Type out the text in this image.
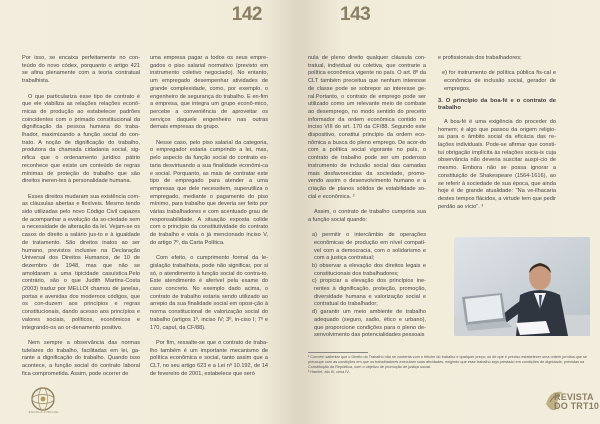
142

Por isso, se encaixa perfeitamente no con-teúdo do novo códex, porquanto o artigo 421 se afina plenamente com a teoria contratual trabalhista.

O que particulariza esse tipo de contrato é que ele viabiliza as relações relações econô-micas de produção ao estabelecer padrões coincidentes com o primado constitucional da dignificação da pessoa humana do traba-lhador, maximizando a função social do con-trato. A noção de dignificação do trabalho, produtora da chamada cidadania social, sig-nifica que o ordenamento jurídico pátrio reconhece que existe um conteúdo de regras mínimas de proteção do trabalho que são direitos ineren-tes à personalidade humana.

Esses direitos mudaram sua existência com-as cláusulas abertas e flexíveis. Mesmo tendo sido utilizadas pelo novo Código Civil capazes de acompanhar a evolução da so-ciedade sem a necessidade de alteração da lei. Vejam-se os casos do direito a salário jus-to e à igualdade de tratamento. São direitos inatos ao ser humano, previstos inclusive na Declaração Universal dos Direitos Humanos, de 10 de dezembro de 1948, mas que não se amoldaram a uma tipicidade casuística.Pelo contrário, são o que Judith Martins-Costa (2003) traduz por MELLOI chamou de janelas, portas e avenidas dos modernos códigos, que os con-duzem aos princípios e regras constitucionais, dando acesso aos princípios e valores sociais, políticos, econômicos e integrando-os ao or-denamento positivo.

Nem sempre a observância das normas tutelares do trabalho, facilitadas em lei, ga-rante a dignificação do trabalho. Quando isso acontece, a função social do contrato laboral fica comprometida. Assim, pode ocorrer de

uma empresa pagar a todos os seus empre-gados o piso salarial normativo (previsto em instrumento coletivo negociado). No entanto, um empregado desempenhar atividades de grande complexidade, como, por exemplo, o engenheiro de segurança do trabalho. E en-fim a empresa, que integra um grupo econô-mico, percebe a conveniência de aproveitar os serviços daquele engenheiro nas outras demais empresas do grupo.

Nesse caso, pelo piso salarial da categoria, o empregador estaria cumprindo a lei, mas, pelo aspecto da função social do contrato es-taria desvirtuando a sua finalidade econômi-ca e social. Porquanto, as mais de contratar este tipo de empregado para atender a uma empresas que dele necessitem, superutiliza o empregado, mediante o pagamento do piso mínimo, para trabalho que deveria ser feito por várias trabalhadores e com acentuado grau de responsabilidade. A situação exposta colide com o princípio da constitutividade do contrato de trabalho e viola o já mencionado inciso V, do artigo 7º, da Carta Política.

Com efeito, o cumprimento formal da le-gislação trabalhista, pode não significar, por si só, o atendimento à função social do contra-to. Este atendimento é aferível pela exame do caso concreto. No exemplo dado acima, o contrato de trabalho estaria sendo utilizado ao arrepio da sua finalidade social em oposi-ção à norma constitucional de valorização social do trabalho (artigos 1º, inciso IV; 3º, in-ciso I; 7º e 170, caput, da CF/88).

Por fim, ressalte-se que o contrato de traba-lho também é um importante mecanismo de política econômica e social, tanto assim que a CLT, no seu artigo 623 e a Lei nº 10.192, de 14 de fevereiro de 2001, estabelece que seró

ESCOLA JUDICIAL
143

nula de pleno direito qualquer cláusula con-tratual, individual ou coletiva, que contrarie a política econômica vigente no país. O art. 8º da CLT também preceitua que nenhum interesse de classe pode se sobrepor ao interesse ge-ral.Portanto, o contrato de emprego pode ser utilizado como um relevante meio de combate ao desemprego, no modo sentido do preceito informador da ordem econômica contido no inciso VIII do art. 170 da CF/88. Segundo este dispositivo, constitui princípio da ordem eco-nômica a busca do pleno emprego. De acor-do com a política social vigorante no país, o contrato de trabalho pode ser um poderoso instrumento de inclusão social das camadas mais desfavorecidas da sociedade, promo-vendo assim o desenvolvimento humano e a criação de planos sólidos de estabilidade so-cial e econômica. ²

Assim, o contrato de trabalho cumpriria sua a função social quando:

a) permitir o intercâmbio de operações econômicas de produção em nível compatí-vel com a democracia, com o solidarismo e com a justiça contratual;

b) observar a elevação dos direitos legais e constitucionais dos trabalhadores;

c) propiciar a elevação dos princípios ine-rentes à dignificação, proteção, promoção, diversidade humana e valorização social e contratual do trabalhador;

d) garantir um meio ambiente de trabalho adequado (seguro, sadio, ético e urbano), que proporcione condições para o pleno de-senvolvimento das potencialidades pessoais

e profissionais dos trabalhadores;

e) for instrumento de política pública fis-cal e econômica de inclusão social, gerador de empregos.

3. O princípio da boa-fé e o contrato de trabalho

A boa-fé é uma exigência do proceder do homem; é algo que passou da origem religio-sa para o âmbito social da eficácia das re-lações individuais. Pode-se afirmar que consti-tui obrigação implícita às relações socia-is cuja observância não deveria suscitar auspí-cio de mesmo. Embora não se possa ignorar a constituição de Shakespeare (1564-1616), ao se referir à sociedade de sua época, que ainda hoje é de grande atualidade: "Na ve-ilhacaria destes tempos flácidos, a virtude tem que pedir perdão ao vício". ³

² Convém salientar que o Direito do Trabalho não se contenta com o fetiche do trabalho e qualquer preço; ou de que é preciso estabelecer uma ordem jurídica que se preocupe com as condições em que os trabalhadores executam suas atividades, exigindo que esse trabalho seja prestado em condições de dignidade, previstas na Constituição da República, com o objetivo de promoção de justiça social.

³ Hamlet, ato III, cena IV.

REVISTA
DO TRT10
